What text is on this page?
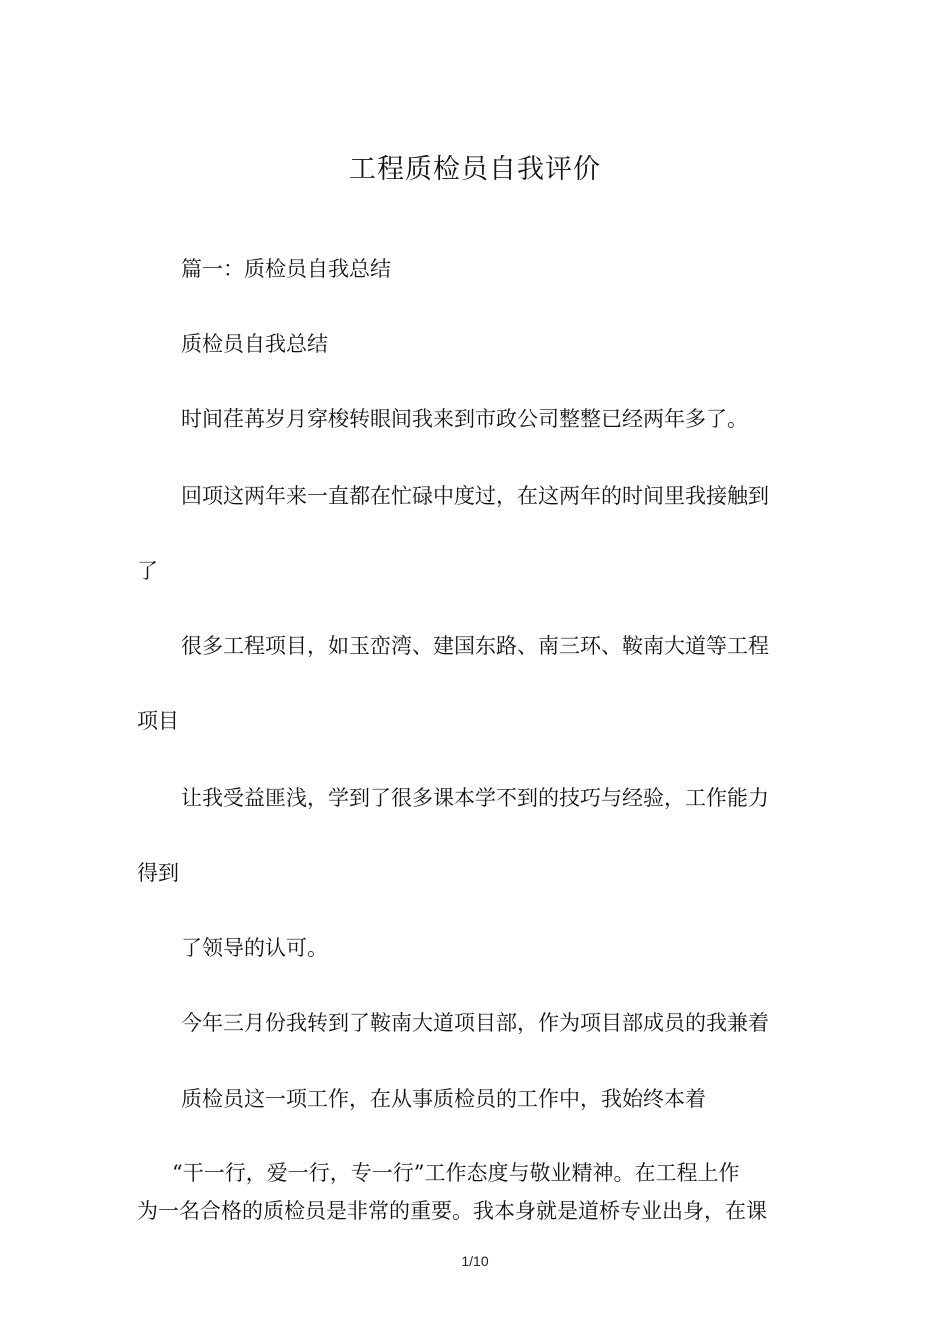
工程质检员自我评价
篇一：质检员自我总结
质检员自我总结
时间荏苒岁月穿梭转眼间我来到市政公司整整已经两年多了。
回项这两年来一直都在忙碌中度过，在这两年的时间里我接触到
了
很多工程项目，如玉峦湾、建国东路、南三环、鞍南大道等工程
项目
让我受益匪浅，学到了很多课本学不到的技巧与经验，工作能力
得到
了领导的认可。
今年三月份我转到了鞍南大道项目部，作为项目部成员的我兼着
质检员这一项工作，在从事质检员的工作中，我始终本着
“干一行，爱一行，专一行”工作态度与敬业精神。在工程上作
为一名合格的质检员是非常的重要。我本身就是道桥专业出身，在课
1/10
